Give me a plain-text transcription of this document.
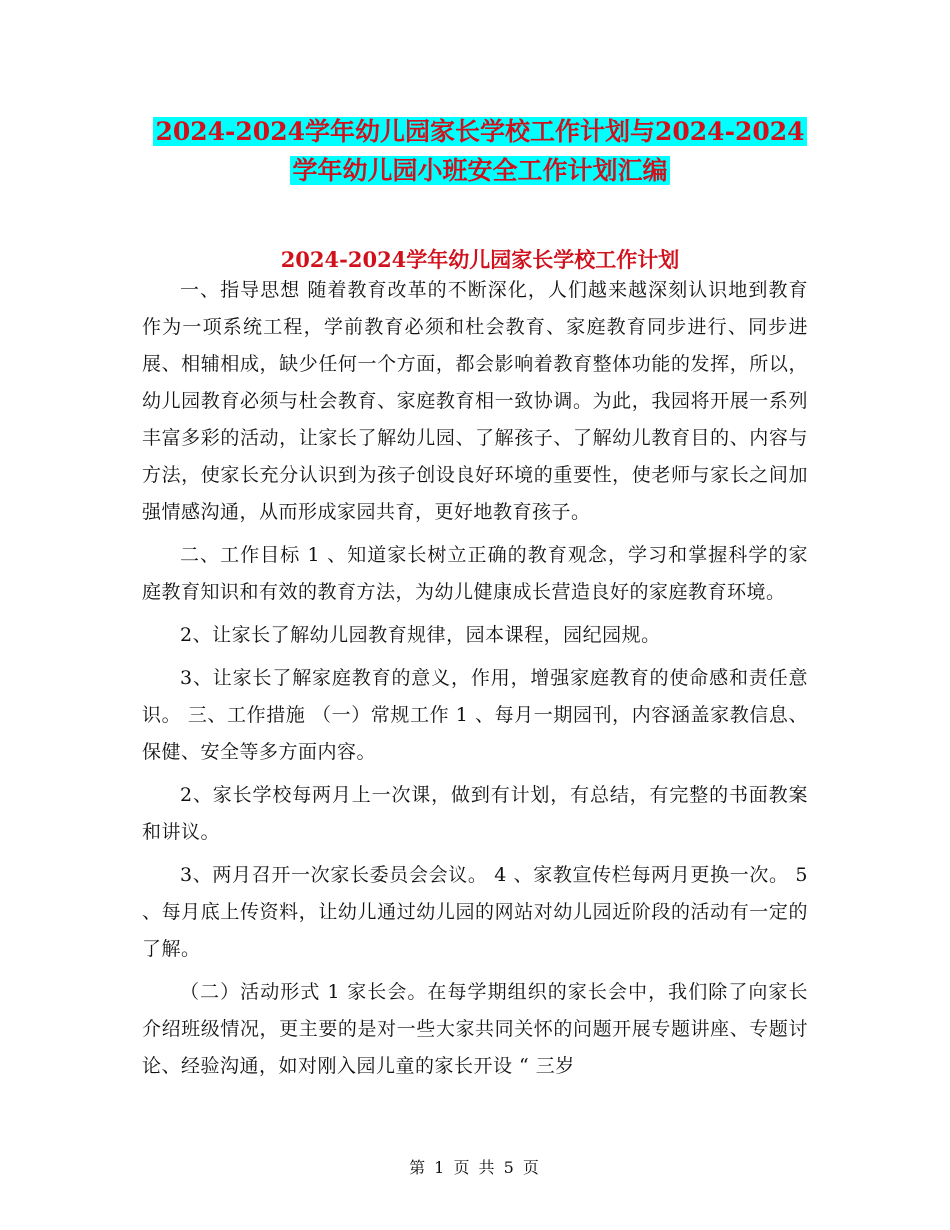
2024-2024学年幼儿园家长学校工作计划与2024-2024
学年幼儿园小班安全工作计划汇编
2024-2024学年幼儿园家长学校工作计划

一、指导思想 随着教育改革的不断深化，人们越来越深刻认识地到教育作为一项系统工程，学前教育必须和杜会教育、家庭教育同步进行、同步进展、相辅相成，缺少任何一个方面，都会影响着教育整体功能的发挥，所以，幼儿园教育必须与杜会教育、家庭教育相一致协调。为此，我园将开展一系列丰富多彩的活动，让家长了解幼儿园、了解孩子、了解幼儿教育目的、内容与方法，使家长充分认识到为孩子创设良好环境的重要性，使老师与家长之间加强情感沟通，从而形成家园共育，更好地教育孩子。

二、工作目标 1 、知道家长树立正确的教育观念，学习和掌握科学的家庭教育知识和有效的教育方法，为幼儿健康成长营造良好的家庭教育环境。

2、让家长了解幼儿园教育规律，园本课程，园纪园规。

3、让家长了解家庭教育的意义，作用，增强家庭教育的使命感和责任意识。 三、工作措施 （一）常规工作 1 、每月一期园刊，内容涵盖家教信息、保健、安全等多方面内容。

2、家长学校每两月上一次课，做到有计划，有总结，有完整的书面教案和讲议。

3、两月召开一次家长委员会会议。 4 、家教宣传栏每两月更换一次。 5 、每月底上传资料，让幼儿通过幼儿园的网站对幼儿园近阶段的活动有一定的了解。

（二）活动形式 1 家长会。在每学期组织的家长会中，我们除了向家长介绍班级情况，更主要的是对一些大家共同关怀的问题开展专题讲座、专题讨论、经验沟通，如对刚入园儿童的家长开设 “ 三岁

第 1 页 共 5 页
